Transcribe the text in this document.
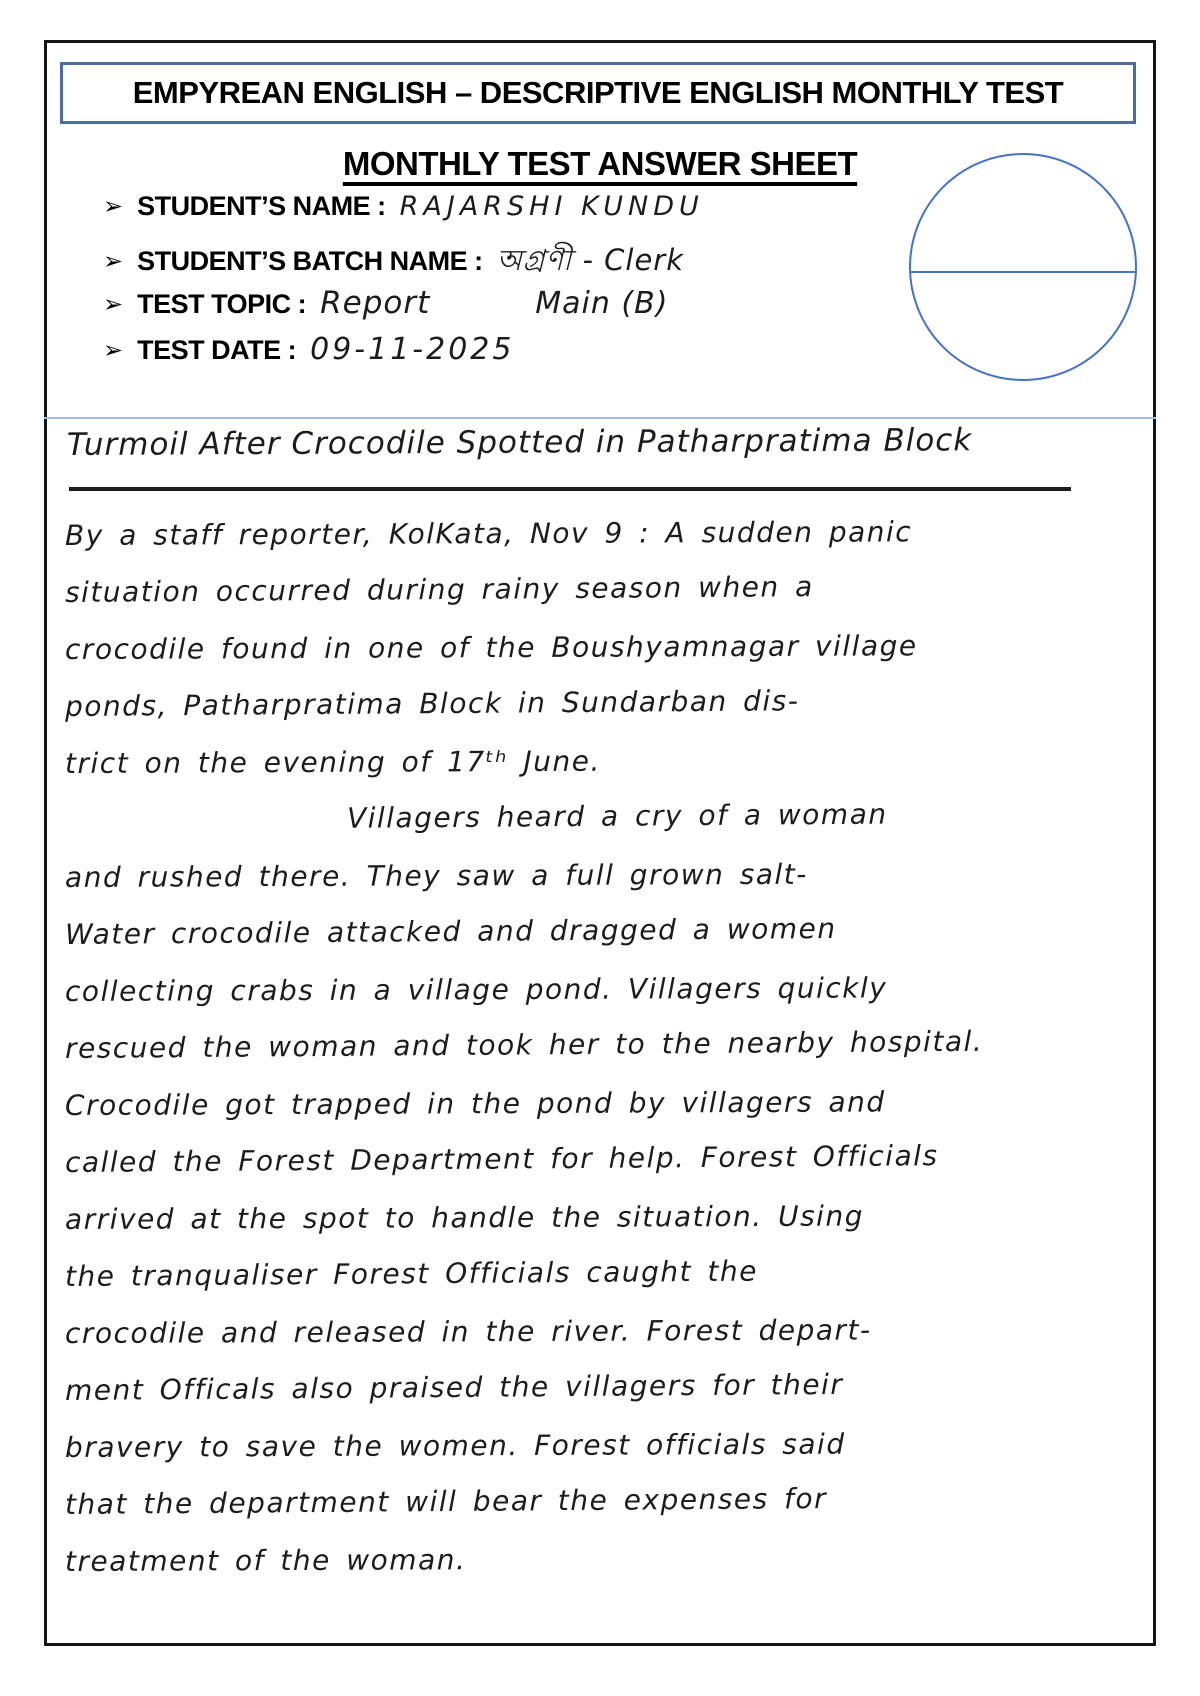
EMPYREAN ENGLISH – DESCRIPTIVE ENGLISH MONTHLY TEST
MONTHLY TEST ANSWER SHEET
➢ STUDENT’S NAME : RAJARSHI KUNDU
➢ STUDENT’S BATCH NAME : অগ্রণী - Clerk
➢ TEST TOPIC : Report	Main (B)
➢ TEST DATE : 09-11-2025
Turmoil After Crocodile Spotted in Patharpratima Block
By a staff reporter, KolKata, Nov 9 : A sudden panic
situation occurred during rainy season when a
crocodile found in one of the Boushyamnagar village
ponds, Patharpratima Block in Sundarban dis-
trict on the evening of 17ᵗʰ June.
Villagers heard a cry of a woman
and rushed there. They saw a full grown salt-
Water crocodile attacked and dragged a women
collecting crabs in a village pond. Villagers quickly
rescued the woman and took her to the nearby hospital.
Crocodile got trapped in the pond by villagers and
called the Forest Department for help. Forest Officials
arrived at the spot to handle the situation. Using
the tranqualiser Forest Officials caught the
crocodile and released in the river. Forest depart-
ment Officals also praised the villagers for their
bravery to save the women. Forest officials said
that the department will bear the expenses for
treatment of the woman.
